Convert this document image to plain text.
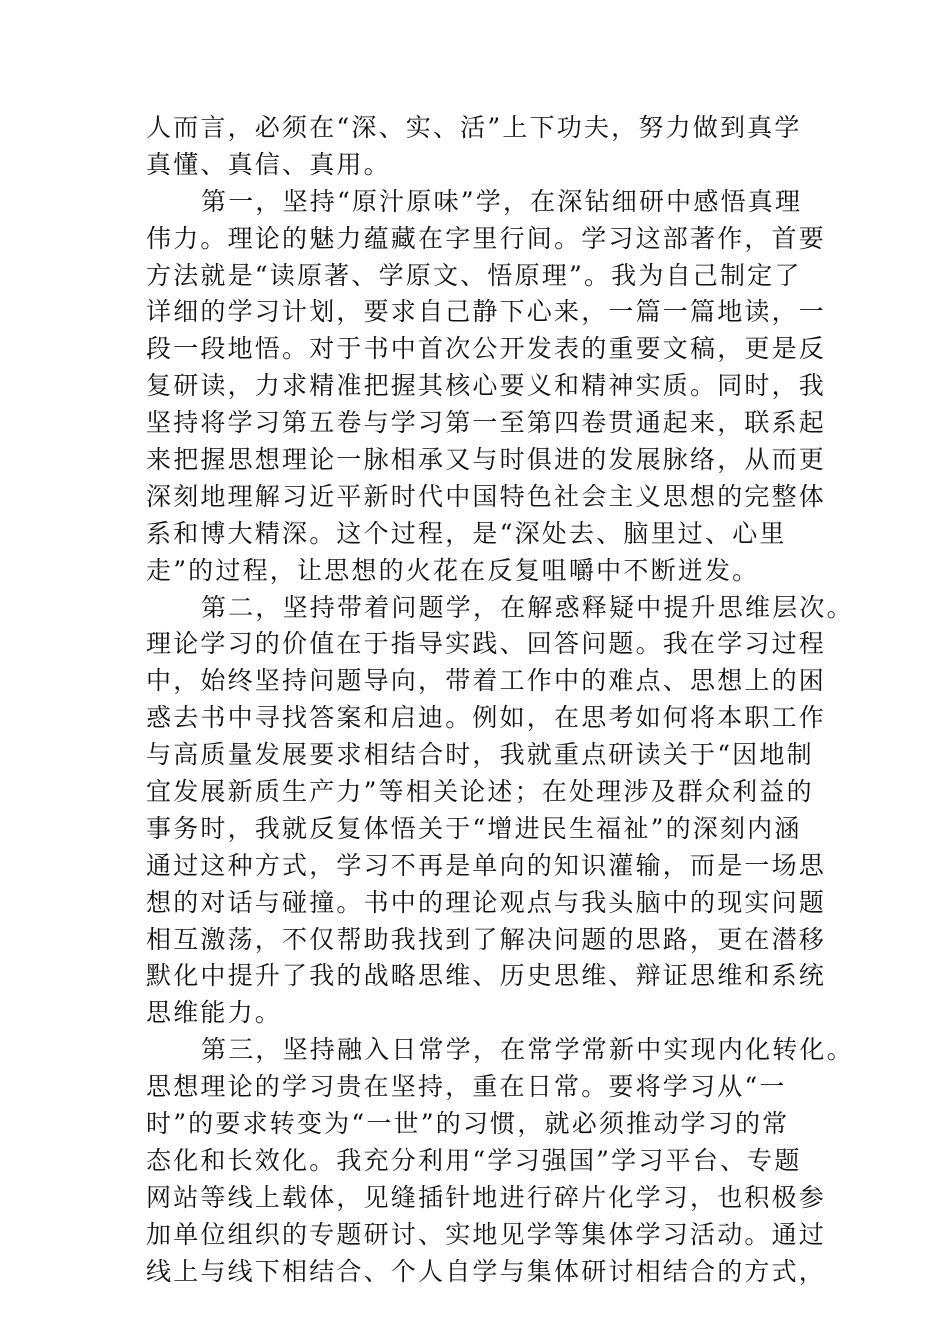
人而言，必须在“深、实、活”上下功夫，努力做到真学
真懂、真信、真用。
第一，坚持“原汁原味”学，在深钻细研中感悟真理
伟力。理论的魅力蕴藏在字里行间。学习这部著作，首要
方法就是“读原著、学原文、悟原理”。我为自己制定了
详细的学习计划，要求自己静下心来，一篇一篇地读，一
段一段地悟。对于书中首次公开发表的重要文稿，更是反
复研读，力求精准把握其核心要义和精神实质。同时，我
坚持将学习第五卷与学习第一至第四卷贯通起来，联系起
来把握思想理论一脉相承又与时俱进的发展脉络，从而更
深刻地理解习近平新时代中国特色社会主义思想的完整体
系和博大精深。这个过程，是“深处去、脑里过、心里
走”的过程，让思想的火花在反复咀嚼中不断迸发。
第二，坚持带着问题学，在解惑释疑中提升思维层次。
理论学习的价值在于指导实践、回答问题。我在学习过程
中，始终坚持问题导向，带着工作中的难点、思想上的困
惑去书中寻找答案和启迪。例如，在思考如何将本职工作
与高质量发展要求相结合时，我就重点研读关于“因地制
宜发展新质生产力”等相关论述；在处理涉及群众利益的
事务时，我就反复体悟关于“增进民生福祉”的深刻内涵
通过这种方式，学习不再是单向的知识灌输，而是一场思
想的对话与碰撞。书中的理论观点与我头脑中的现实问题
相互激荡，不仅帮助我找到了解决问题的思路，更在潜移
默化中提升了我的战略思维、历史思维、辩证思维和系统
思维能力。
第三，坚持融入日常学，在常学常新中实现内化转化。
思想理论的学习贵在坚持，重在日常。要将学习从“一
时”的要求转变为“一世”的习惯，就必须推动学习的常
态化和长效化。我充分利用“学习强国”学习平台、专题
网站等线上载体，见缝插针地进行碎片化学习，也积极参
加单位组织的专题研讨、实地见学等集体学习活动。通过
线上与线下相结合、个人自学与集体研讨相结合的方式，
